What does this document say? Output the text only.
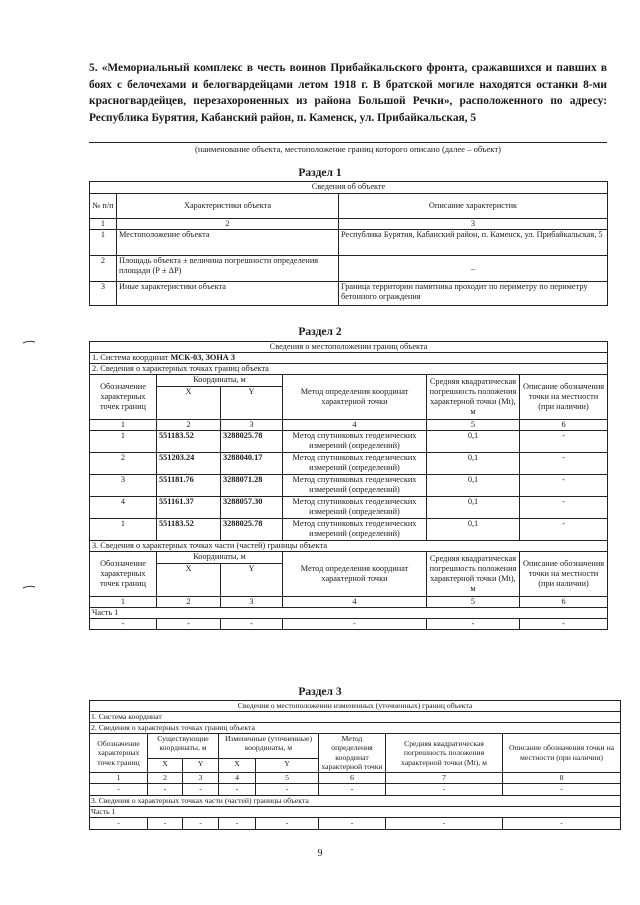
5. «Мемориальный комплекс в честь воинов Прибайкальского фронта, сражавшихся и павших в боях с белочехами и белогвардейцами летом 1918 г. В братской могиле находятся останки 8-ми красногвардейцев, перезахороненных из района Большой Речки», расположенного по адресу: Республика Бурятия, Кабанский район, п. Каменск, ул. Прибайкальская, 5
(наименование объекта, местоположение границ которого описано (далее – объект)
Раздел 1
Сведения об объекте		
№ п/п	Характеристики объекта	Описание характеристик
1	2	3
1	Местоположение объекта	Республика Бурятия, Кабанский район, п. Каменск, ул. Прибайкальская, 5
2	Площадь объекта ± величина погрешности определения площади (Р ± ΔР)	–
3	Иные характеристики объекта	Граница территории памятника проходит по периметру по периметру бетонного ограждения
Раздел 2
Сведения о местоположении границ объекта					
1. Система координат МСК-03, ЗОНА 3					
2. Сведения о характерных точках границ объекта					
Обозначение характерных точек границ	Координаты, м		Метод определения координат характерной точки	Средняя квадратическая погрешность положения характерной точки (Мt), м	Описание обозначения точки на местности (при наличии)
	X	Y			
1	2	3	4	5	6
1	551183.52	3288025.78	Метод спутниковых геодезических измерений (определений)	0,1	-
2	551203.24	3288040.17	Метод спутниковых геодезических измерений (определений)	0,1	-
3	551181.76	3288071.28	Метод спутниковых геодезических измерений (определений)	0,1	-
4	551161.37	3288057.30	Метод спутниковых геодезических измерений (определений)	0,1	-
1	551183.52	3288025.78	Метод спутниковых геодезических измерений (определений)	0,1	-
3. Сведения о характерных точках части (частей) границы объекта					
Обозначение характерных точек границ	Координаты, м		Метод определения координат характерной точки	Средняя квадратическая погрешность положения характерной точки (Мt), м	Описание обозначения точки на местности (при наличии)
	X	Y			
1	2	3	4	5	6
Часть 1					
-	-	-	-	-	-
Раздел 3
Сведения о местоположении измененных (уточненных) границ объекта							
1. Система координат							
2. Сведения о характерных точках границ объекта							
Обозначение характерных точек границ	Существующие координаты, м		Измененные (уточненные) координаты, м		Метод определения координат характерной точки	Средняя квадратическая погрешность положения характерной точки (Мt), м	Описание обозначения точки на местности (при наличии)
	X	Y	X	Y			
1	2	3	4	5	6	7	8
-	-	-	-	-	-	-	-
3. Сведения о характерных точках части (частей) границы объекта							
Часть 1							
-	-	-	-	-	-	-	-
9
